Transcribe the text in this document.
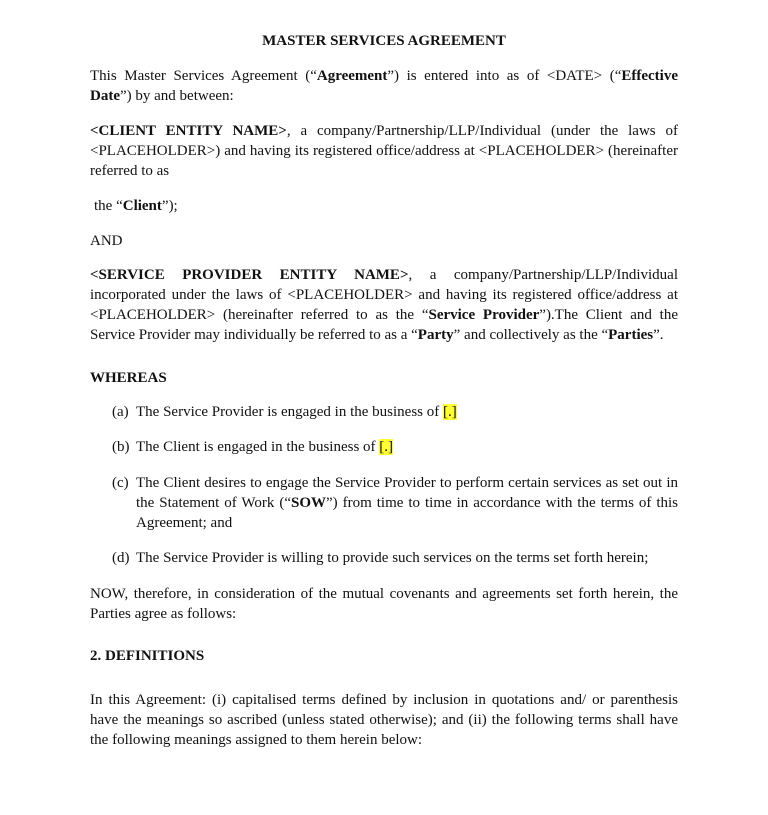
MASTER SERVICES AGREEMENT
This Master Services Agreement (“Agreement”) is entered into as of <DATE> (“Effective Date”) by and between:
<CLIENT ENTITY NAME>, a company/Partnership/LLP/Individual (under the laws of <PLACEHOLDER>) and having its registered office/address at <PLACEHOLDER> (hereinafter referred to as
the “Client”);
AND
<SERVICE PROVIDER ENTITY NAME>, a company/Partnership/LLP/Individual incorporated under the laws of <PLACEHOLDER> and having its registered office/address at <PLACEHOLDER> (hereinafter referred to as the “Service Provider”).The Client and the Service Provider may individually be referred to as a “Party” and collectively as the “Parties”.
WHEREAS
(a) The Service Provider is engaged in the business of [.]
(b) The Client is engaged in the business of [.]
(c) The Client desires to engage the Service Provider to perform certain services as set out in the Statement of Work (“SOW”) from time to time in accordance with the terms of this Agreement; and
(d) The Service Provider is willing to provide such services on the terms set forth herein;
NOW, therefore, in consideration of the mutual covenants and agreements set forth herein, the Parties agree as follows:
2. DEFINITIONS
In this Agreement: (i) capitalised terms defined by inclusion in quotations and/ or parenthesis have the meanings so ascribed (unless stated otherwise); and (ii) the following terms shall have the following meanings assigned to them herein below:
